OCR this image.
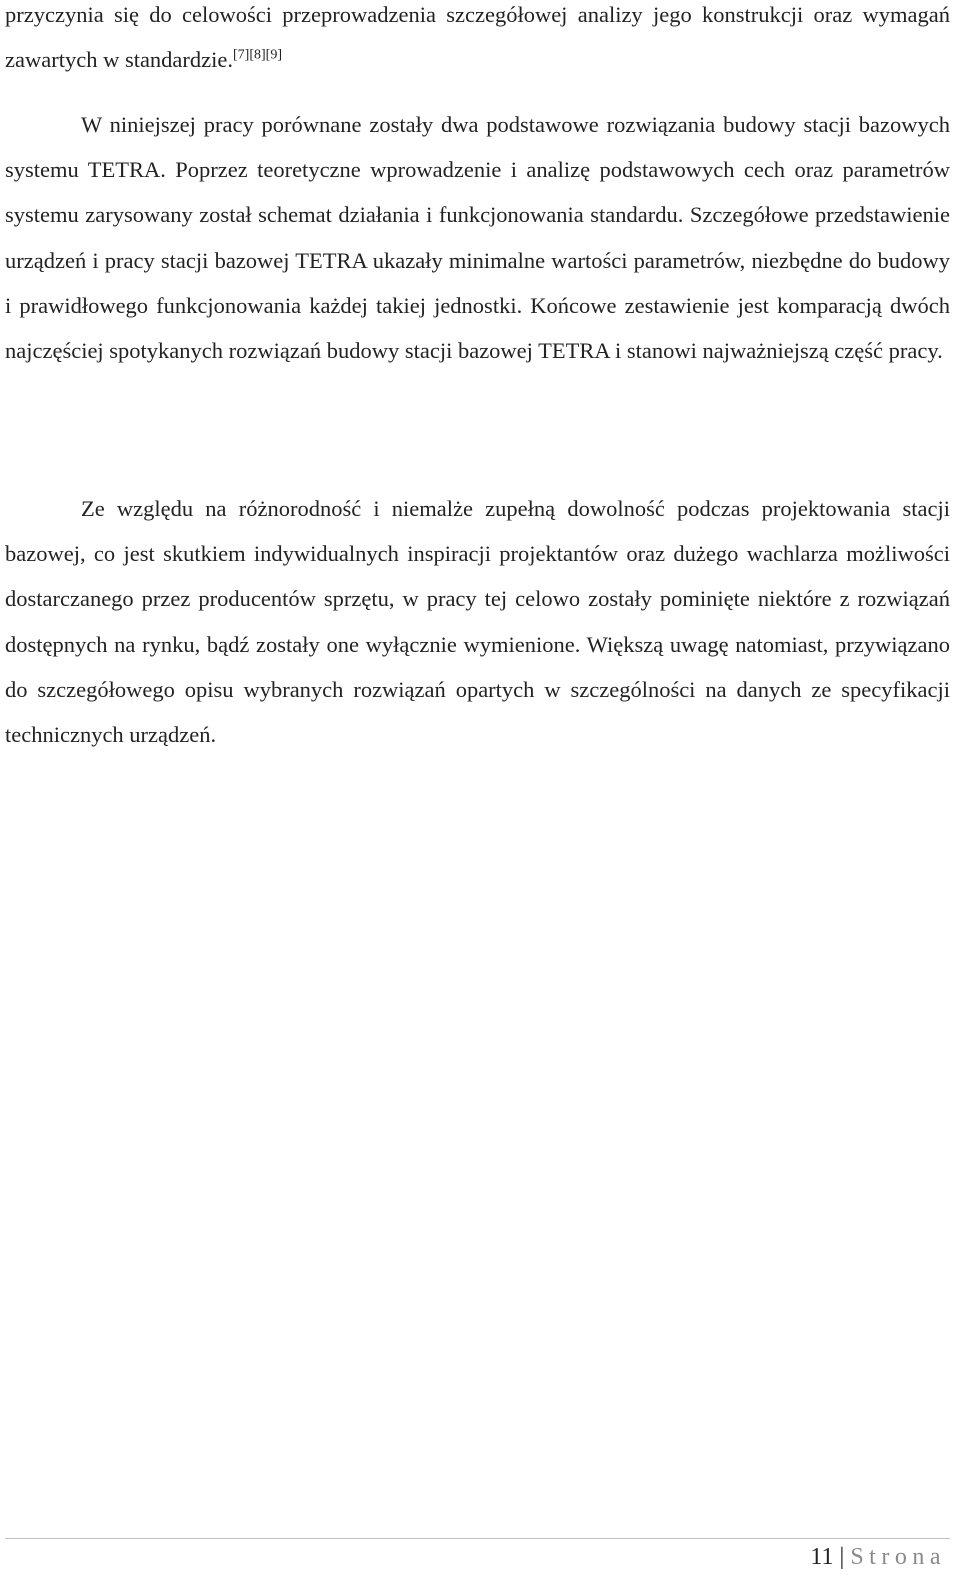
przyczynia się do celowości przeprowadzenia szczegółowej analizy jego konstrukcji oraz wymagań zawartych w standardzie.[7][8][9]

W niniejszej pracy porównane zostały dwa podstawowe rozwiązania budowy stacji bazowych systemu TETRA. Poprzez teoretyczne wprowadzenie i analizę podstawowych cech oraz parametrów systemu zarysowany został schemat działania i funkcjonowania standardu. Szczegółowe przedstawienie urządzeń i pracy stacji bazowej TETRA ukazały minimalne wartości parametrów, niezbędne do budowy i prawidłowego funkcjonowania każdej takiej jednostki. Końcowe zestawienie jest komparacją dwóch najczęściej spotykanych rozwiązań budowy stacji bazowej TETRA i stanowi najważniejszą część pracy.

Ze względu na różnorodność i niemalże zupełną dowolność podczas projektowania stacji bazowej, co jest skutkiem indywidualnych inspiracji projektantów oraz dużego wachlarza możliwości dostarczanego przez producentów sprzętu, w pracy tej celowo zostały pominięte niektóre z rozwiązań dostępnych na rynku, bądź zostały one wyłącznie wymienione. Większą uwagę natomiast, przywiązano do szczegółowego opisu wybranych rozwiązań opartych w szczególności na danych ze specyfikacji technicznych urządzeń.

11 | Strona
